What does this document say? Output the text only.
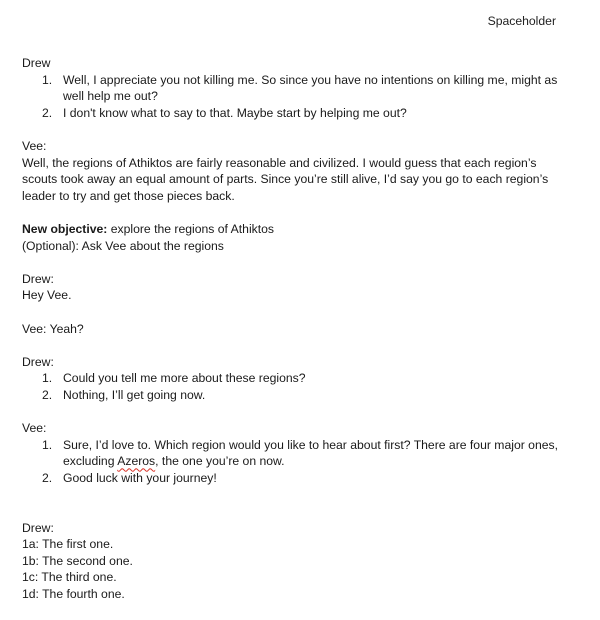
Spaceholder

Drew

1. Well, I appreciate you not killing me. So since you have no intentions on killing me, might as well help me out?
2. I don't know what to say to that. Maybe start by helping me out?

Vee:

Well, the regions of Athiktos are fairly reasonable and civilized. I would guess that each region’s scouts took away an equal amount of parts. Since you’re still alive, I’d say you go to each region’s leader to try and get those pieces back.

New objective: explore the regions of Athiktos

(Optional): Ask Vee about the regions

Drew:

Hey Vee.

Vee: Yeah?

Drew:

1. Could you tell me more about these regions?
2. Nothing, I’ll get going now.

Vee:

1. Sure, I’d love to. Which region would you like to hear about first? There are four major ones, excluding Azeros, the one you’re on now.
2. Good luck with your journey!

Drew:

1a: The first one.

1b: The second one.

1c: The third one.

1d: The fourth one.
